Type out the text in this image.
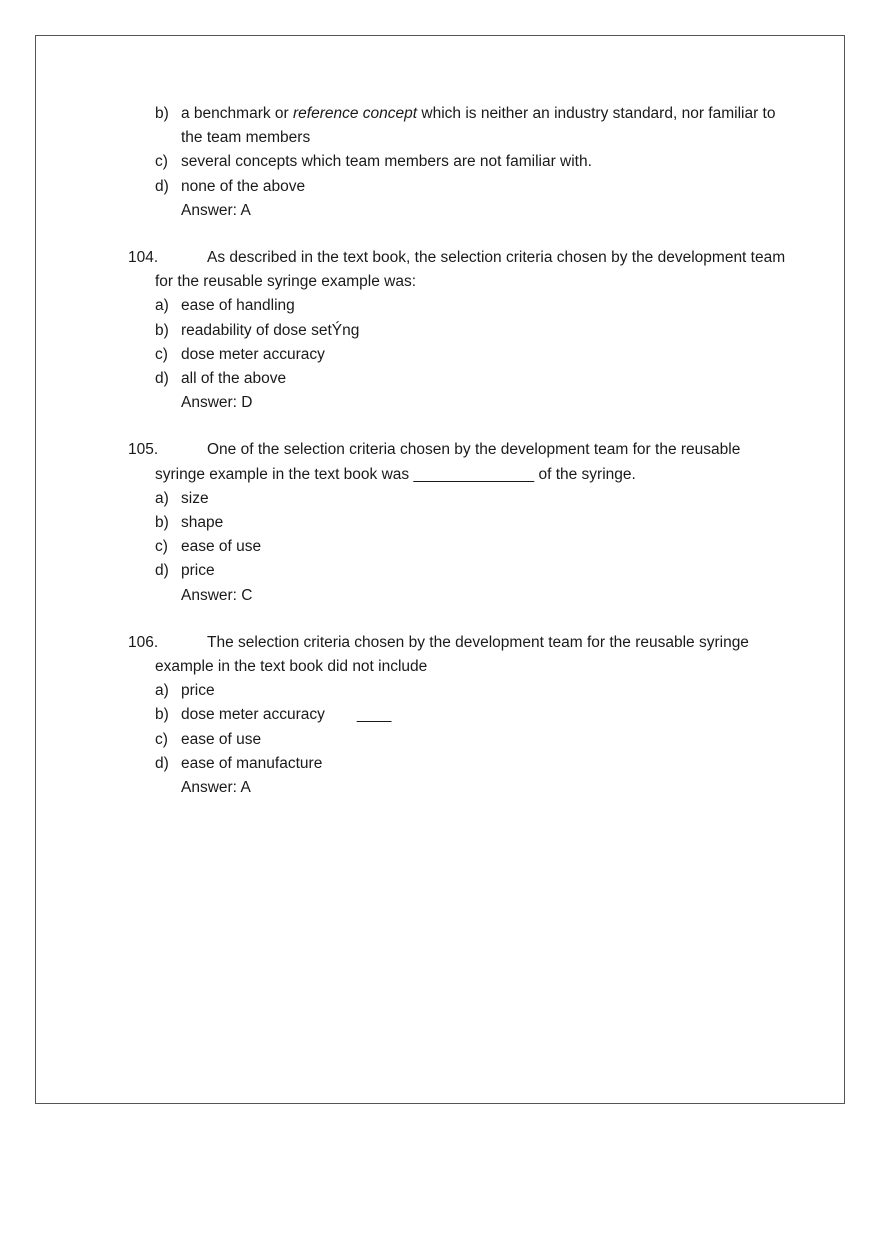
b) a benchmark or reference concept which is neither an industry standard, nor familiar to the team members
c) several concepts which team members are not familiar with.
d) none of the above
Answer: A
104.	As described in the text book, the selection criteria chosen by the development team for the reusable syringe example was:
a) ease of handling
b) readability of dose setÝng
c) dose meter accuracy
d) all of the above
Answer: D
105.	One of the selection criteria chosen by the development team for the reusable syringe example in the text book was ______________ of the syringe.
a) size
b) shape
c) ease of use
d) price
Answer: C
106.	The selection criteria chosen by the development team for the reusable syringe example in the text book did not include
a) price
b) dose meter accuracy ____
c) ease of use
d) ease of manufacture
Answer: A
